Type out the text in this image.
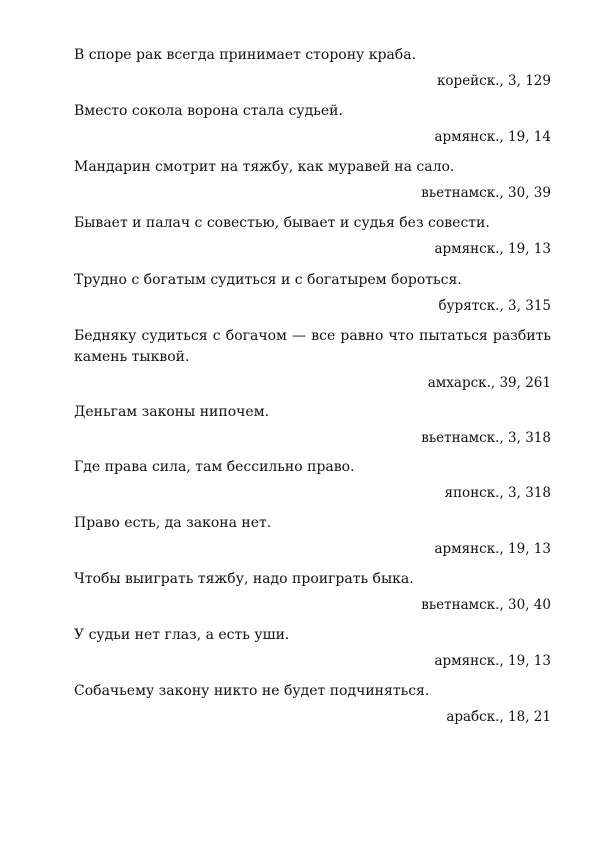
В споре рак всегда принимает сторону краба.

корейск., 3, 129

Вместо сокола ворона стала судьей.

армянск., 19, 14

Мандарин смотрит на тяжбу, как муравей на сало.

вьетнамск., 30, 39

Бывает и палач с совестью, бывает и судья без совести.

армянск., 19, 13

Трудно с богатым судиться и с богатырем бороться.

бурятск., 3, 315

Бедняку судиться с богачом — все равно что пытаться разбить камень тыквой.

амхарск., 39, 261

Деньгам законы нипочем.

вьетнамск., 3, 318

Где права сила, там бессильно право.

японск., 3, 318

Право есть, да закона нет.

армянск., 19, 13

Чтобы выиграть тяжбу, надо проиграть быка.

вьетнамск., 30, 40

У судьи нет глаз, а есть уши.

армянск., 19, 13

Собачьему закону никто не будет подчиняться.

арабск., 18, 21
